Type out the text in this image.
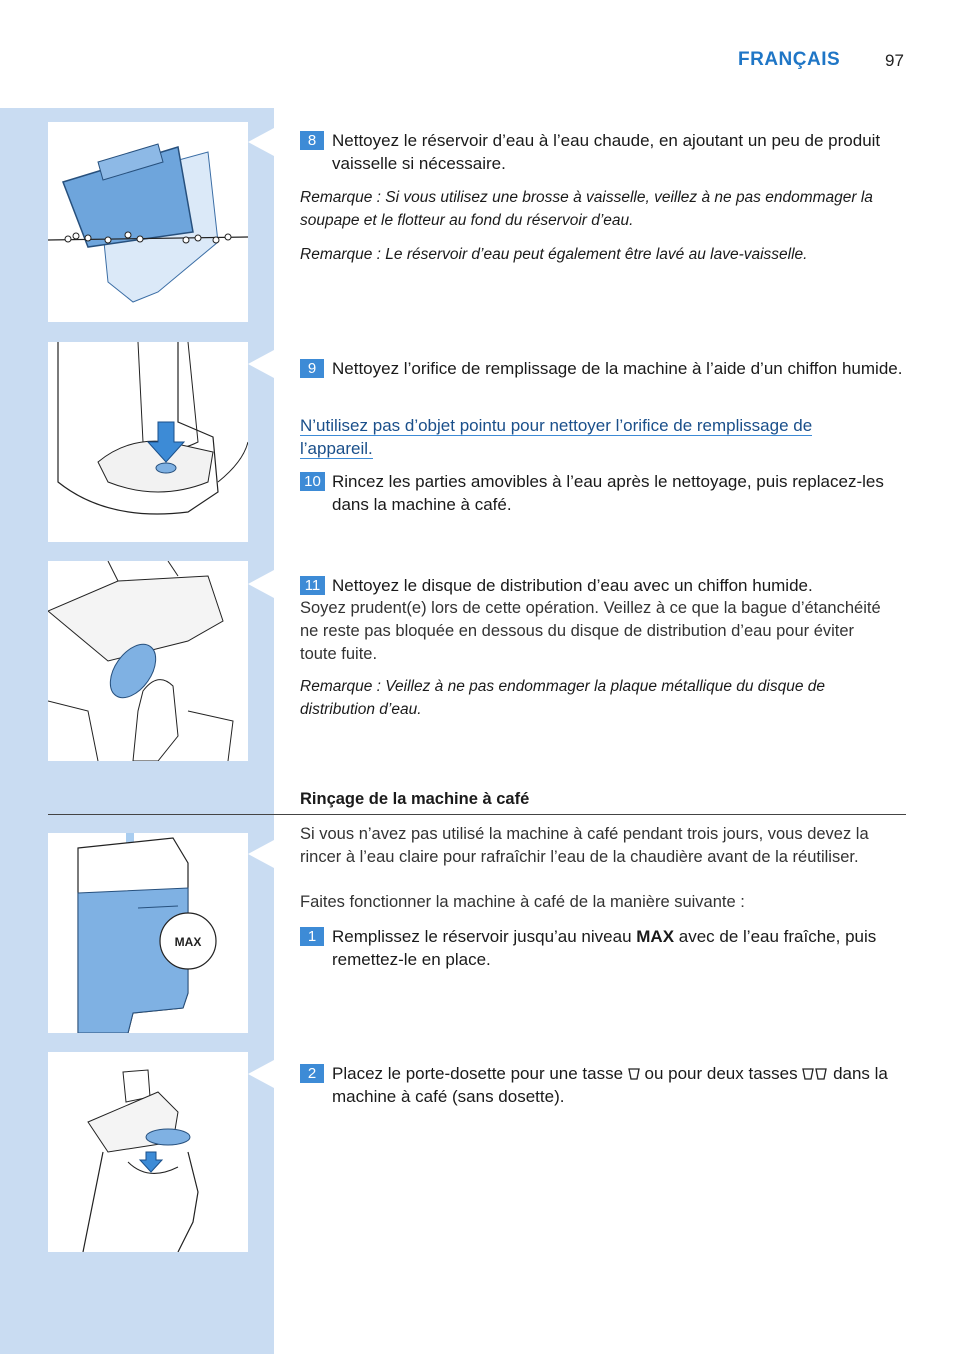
FRANÇAIS	97
8 Nettoyez le réservoir d’eau à l’eau chaude, en ajoutant un peu de produit vaisselle si nécessaire.
Remarque : Si vous utilisez une brosse à vaisselle, veillez à ne pas endommager la soupape et le flotteur au fond du réservoir d’eau.
Remarque : Le réservoir d’eau peut également être lavé au lave-vaisselle.
9 Nettoyez l’orifice de remplissage de la machine à l’aide d’un chiffon humide.
N’utilisez pas d’objet pointu pour nettoyer l’orifice de remplissage de l’appareil.
10 Rincez les parties amovibles à l’eau après le nettoyage, puis replacez-les dans la machine à café.
11 Nettoyez le disque de distribution d’eau avec un chiffon humide.
Soyez prudent(e) lors de cette opération. Veillez à ce que la bague d’étanchéité ne reste pas bloquée en dessous du disque de distribution d’eau pour éviter toute fuite.
Remarque : Veillez à ne pas endommager la plaque métallique du disque de distribution d’eau.
Rinçage de la machine à café
MAX
Si vous n’avez pas utilisé la machine à café pendant trois jours, vous devez la rincer à l’eau claire pour rafraîchir l’eau de la chaudière avant de la réutiliser.
Faites fonctionner la machine à café de la manière suivante :
1 Remplissez le réservoir jusqu’au niveau MAX avec de l’eau fraîche, puis remettez-le en place.
2 Placez le porte-dosette pour une tasse  ou pour deux tasses  dans la machine à café (sans dosette).
